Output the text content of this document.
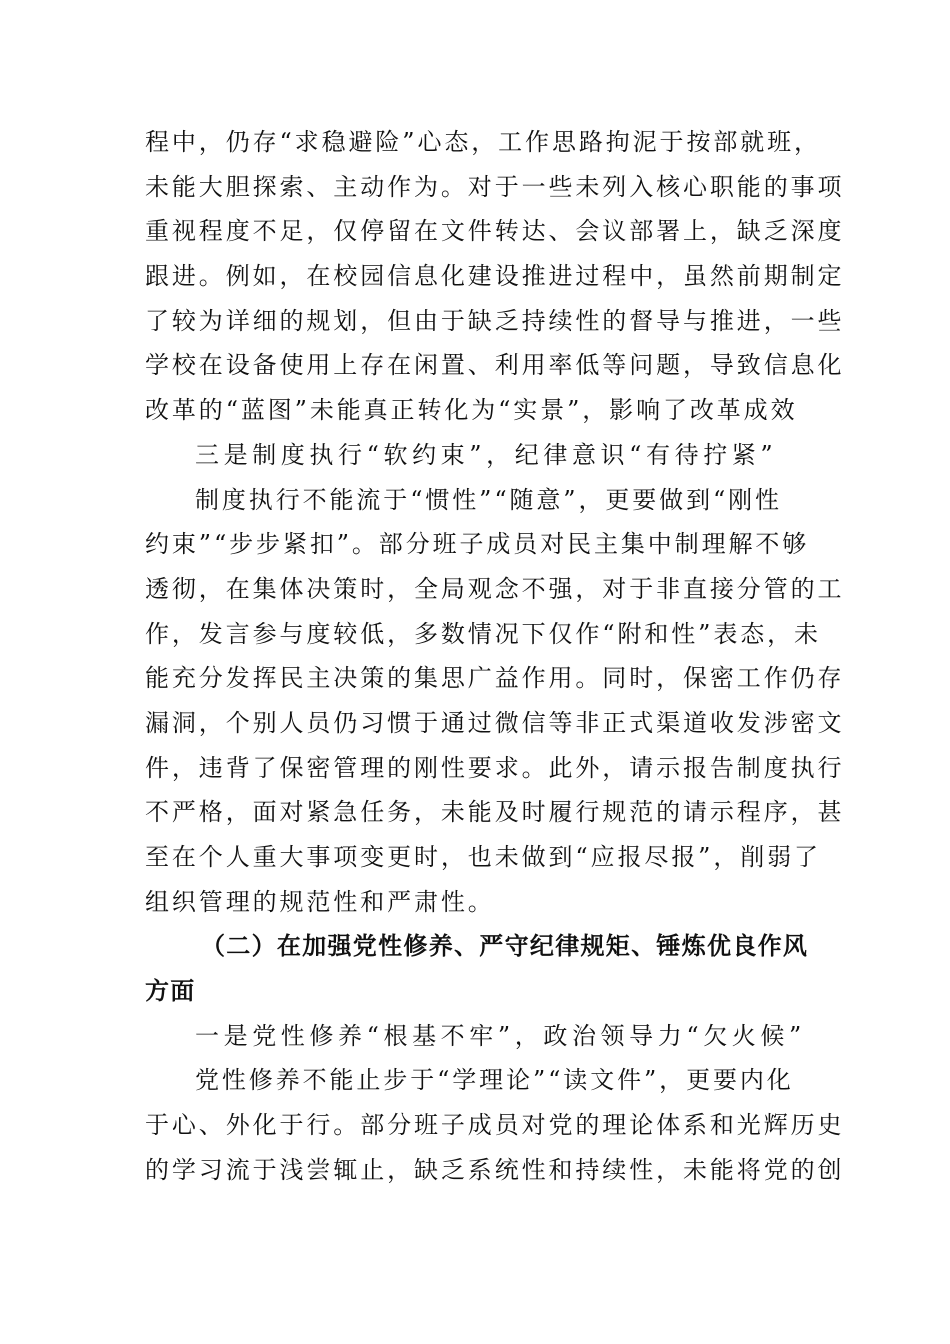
程中，仍存“求稳避险”心态，工作思路拘泥于按部就班，
未能大胆探索、主动作为。对于一些未列入核心职能的事项
重视程度不足，仅停留在文件转达、会议部署上，缺乏深度
跟进。例如，在校园信息化建设推进过程中，虽然前期制定
了较为详细的规划，但由于缺乏持续性的督导与推进，一些
学校在设备使用上存在闲置、利用率低等问题，导致信息化
改革的“蓝图”未能真正转化为“实景”，影响了改革成效
三是制度执行“软约束”，纪律意识“有待拧紧”
制度执行不能流于“惯性”“随意”，更要做到“刚性
约束”“步步紧扣”。部分班子成员对民主集中制理解不够
透彻，在集体决策时，全局观念不强，对于非直接分管的工
作，发言参与度较低，多数情况下仅作“附和性”表态，未
能充分发挥民主决策的集思广益作用。同时，保密工作仍存
漏洞，个别人员仍习惯于通过微信等非正式渠道收发涉密文
件，违背了保密管理的刚性要求。此外，请示报告制度执行
不严格，面对紧急任务，未能及时履行规范的请示程序，甚
至在个人重大事项变更时，也未做到“应报尽报”，削弱了
组织管理的规范性和严肃性。
（二）在加强党性修养、严守纪律规矩、锤炼优良作风
方面
一是党性修养“根基不牢”，政治领导力“欠火候”
党性修养不能止步于“学理论”“读文件”，更要内化
于心、外化于行。部分班子成员对党的理论体系和光辉历史
的学习流于浅尝辄止，缺乏系统性和持续性，未能将党的创
